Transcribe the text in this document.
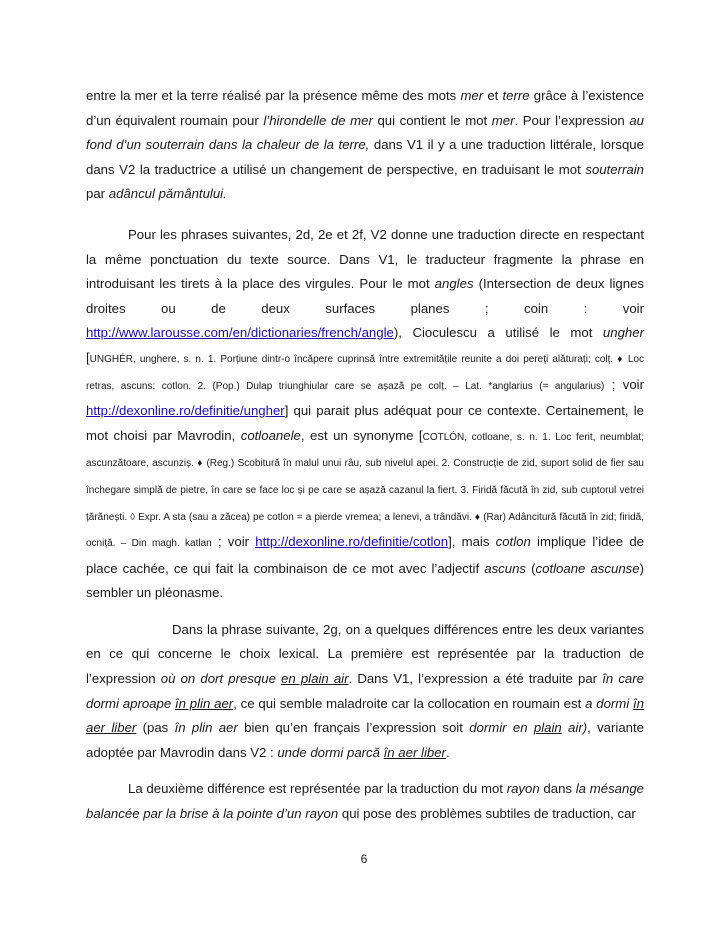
entre la mer et la terre réalisé par la présence même des mots mer et terre grâce à l’existence d’un équivalent roumain pour l’hirondelle de mer qui contient le mot mer. Pour l’expression au fond d’un souterrain dans la chaleur de la terre, dans V1 il y a une traduction littérale, lorsque dans V2 la traductrice a utilisé un changement de perspective, en traduisant le mot souterrain par adâncul pământului.

Pour les phrases suivantes, 2d, 2e et 2f, V2 donne une traduction directe en respectant la même ponctuation du texte source. Dans V1, le traducteur fragmente la phrase en introduisant les tirets à la place des virgules. Pour le mot angles (Intersection de deux lignes droites ou de deux surfaces planes ; coin : voir http://www.larousse.com/en/dictionaries/french/angle), Cioculescu a utilisé le mot ungher [UNGHÉR, unghere, s. n. 1. Porțiune dintr-o încăpere cuprinsă între extremitățile reunite a doi pereți alăturați; colț. ♦ Loc retras, ascuns; cotlon. 2. (Pop.) Dulap triunghiular care se așază pe colț. – Lat. *anglarius (= angularius) ; voir http://dexonline.ro/definitie/ungher] qui parait plus adéquat pour ce contexte. Certainement, le mot choisi par Mavrodin, cotloanele, est un synonyme [COTLÓN, cotloane, s. n. 1. Loc ferit, neumblat; ascunzătoare, ascunziș. ♦ (Reg.) Scobitură în malul unui râu, sub nivelul apei. 2. Construcție de zid, suport solid de fier sau închegare simplă de pietre, în care se face loc și pe care se așază cazanul la fiert. 3. Firidă făcută în zid, sub cuptorul vetrei țărănești. ◊ Expr. A sta (sau a zăcea) pe cotlon = a pierde vremea; a lenevi, a trândăvi. ♦ (Rar) Adâncitură făcută în zid; firidă, ocniță. – Din magh. katlan ; voir http://dexonline.ro/definitie/cotlon], mais cotlon implique l’idee de place cachée, ce qui fait la combinaison de ce mot avec l’adjectif ascuns (cotloane ascunse) sembler un pléonasme.

Dans la phrase suivante, 2g, on a quelques différences entre les deux variantes en ce qui concerne le choix lexical. La première est représentée par la traduction de l’expression où on dort presque en plain air. Dans V1, l’expression a été traduite par în care dormi aproape în plin aer, ce qui semble maladroite car la collocation en roumain est a dormi în aer liber (pas în plin aer bien qu’en français l’expression soit dormir en plain air), variante adoptée par Mavrodin dans V2 : unde dormi parcă în aer liber.

La deuxième différence est représentée par la traduction du mot rayon dans la mésange balancée par la brise à la pointe d’un rayon qui pose des problèmes subtiles de traduction, car

6
